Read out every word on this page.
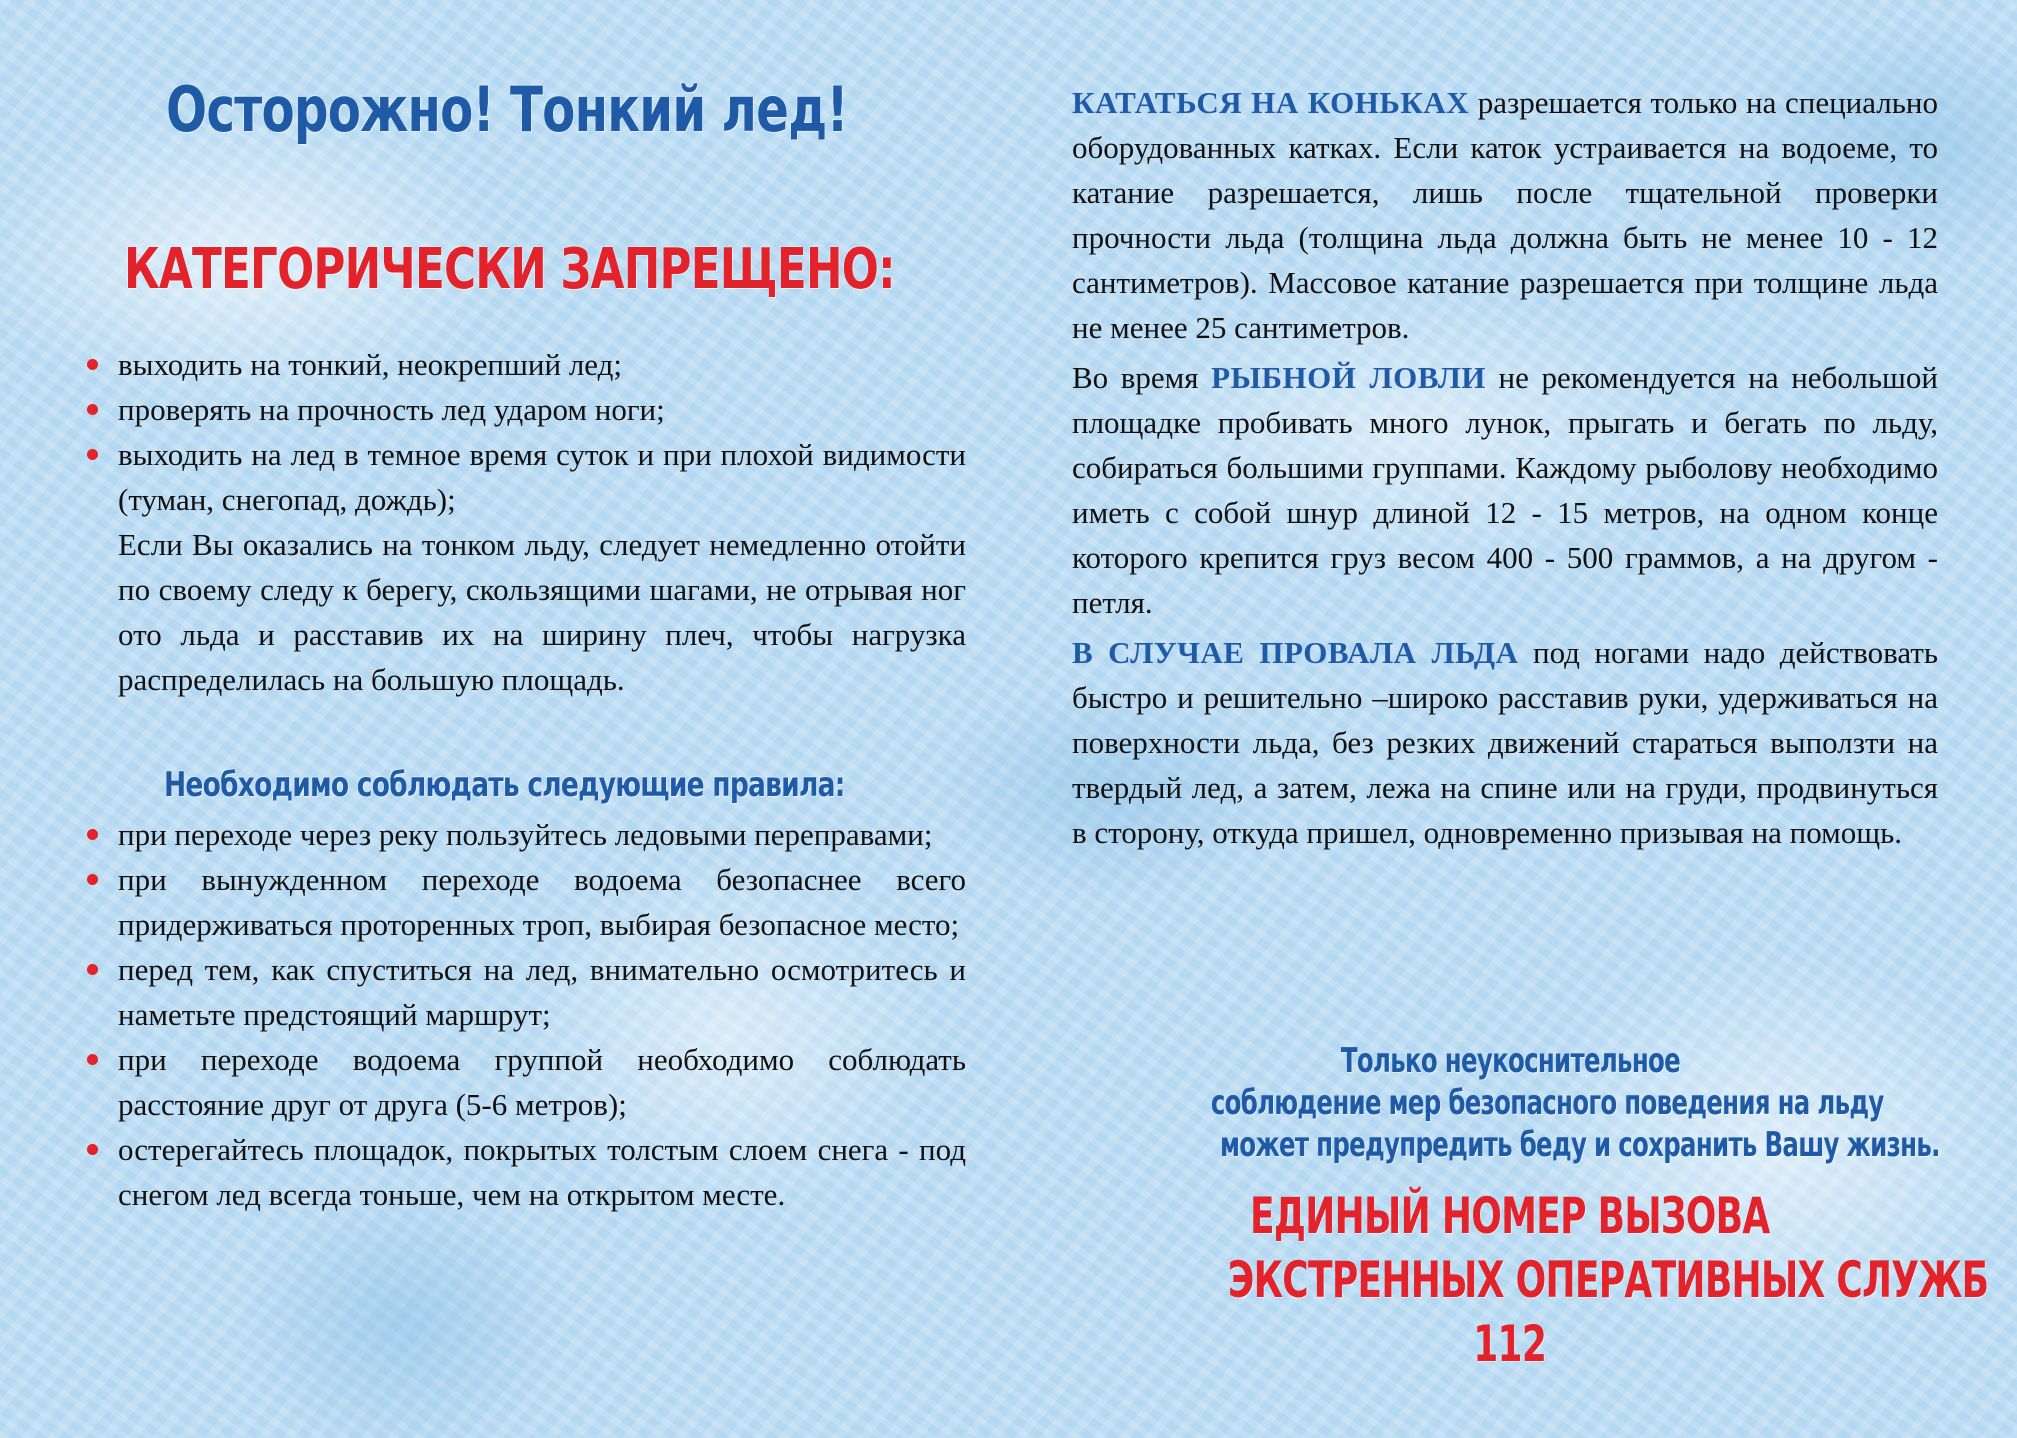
Осторожно! Тонкий лед!
КАТЕГОРИЧЕСКИ ЗАПРЕЩЕНО:
выходить на тонкий, неокрепший лед;
проверять на прочность лед ударом ноги;
выходить на лед в темное время суток и при плохой видимости (туман, снегопад, дождь);

Если Вы оказались на тонком льду, следует немедленно отойти по своему следу к берегу, скользящими шагами, не отрывая ног ото льда и расставив их на ширину плеч, чтобы нагрузка распределилась на большую площадь.

Необходимо соблюдать следующие правила:
при переходе через реку пользуйтесь ледовыми переправами;
при вынужденном переходе водоема безопаснее всего придерживаться проторенных троп, выбирая безопасное место;
перед тем, как спуститься на лед, внимательно осмотритесь и наметьте предстоящий маршрут;
при переходе водоема группой необходимо соблюдать расстояние друг от друга (5-6 метров);
остерегайтесь площадок, покрытых толстым слоем снега - под снегом лед всегда тоньше, чем на открытом месте.

КАТАТЬСЯ НА КОНЬКАХ разрешается только на специально оборудованных катках. Если каток устраивается на водоеме, то катание разрешается, лишь после тщательной проверки прочности льда (толщина льда должна быть не менее 10 - 12 сантиметров). Массовое катание разрешается при толщине льда не менее 25 сантиметров.

Во время РЫБНОЙ ЛОВЛИ не рекомендуется на небольшой площадке пробивать много лунок, прыгать и бегать по льду, собираться большими группами. Каждому рыболову необходимо иметь с собой шнур длиной 12 - 15 метров, на одном конце которого крепится груз весом 400 - 500 граммов, а на другом - петля.

В СЛУЧАЕ ПРОВАЛА ЛЬДА под ногами надо действовать быстро и решительно –широко расставив руки, удерживаться на поверхности льда, без резких движений стараться выползти на твердый лед, а затем, лежа на спине или на груди, продвинуться в сторону, откуда пришел, одновременно призывая на помощь.

Только неукоснительное
соблюдение мер безопасного поведения на льду
может предупредить беду и сохранить Вашу жизнь.
ЕДИНЫЙ НОМЕР ВЫЗОВА
ЭКСТРЕННЫХ ОПЕРАТИВНЫХ СЛУЖБ
112
